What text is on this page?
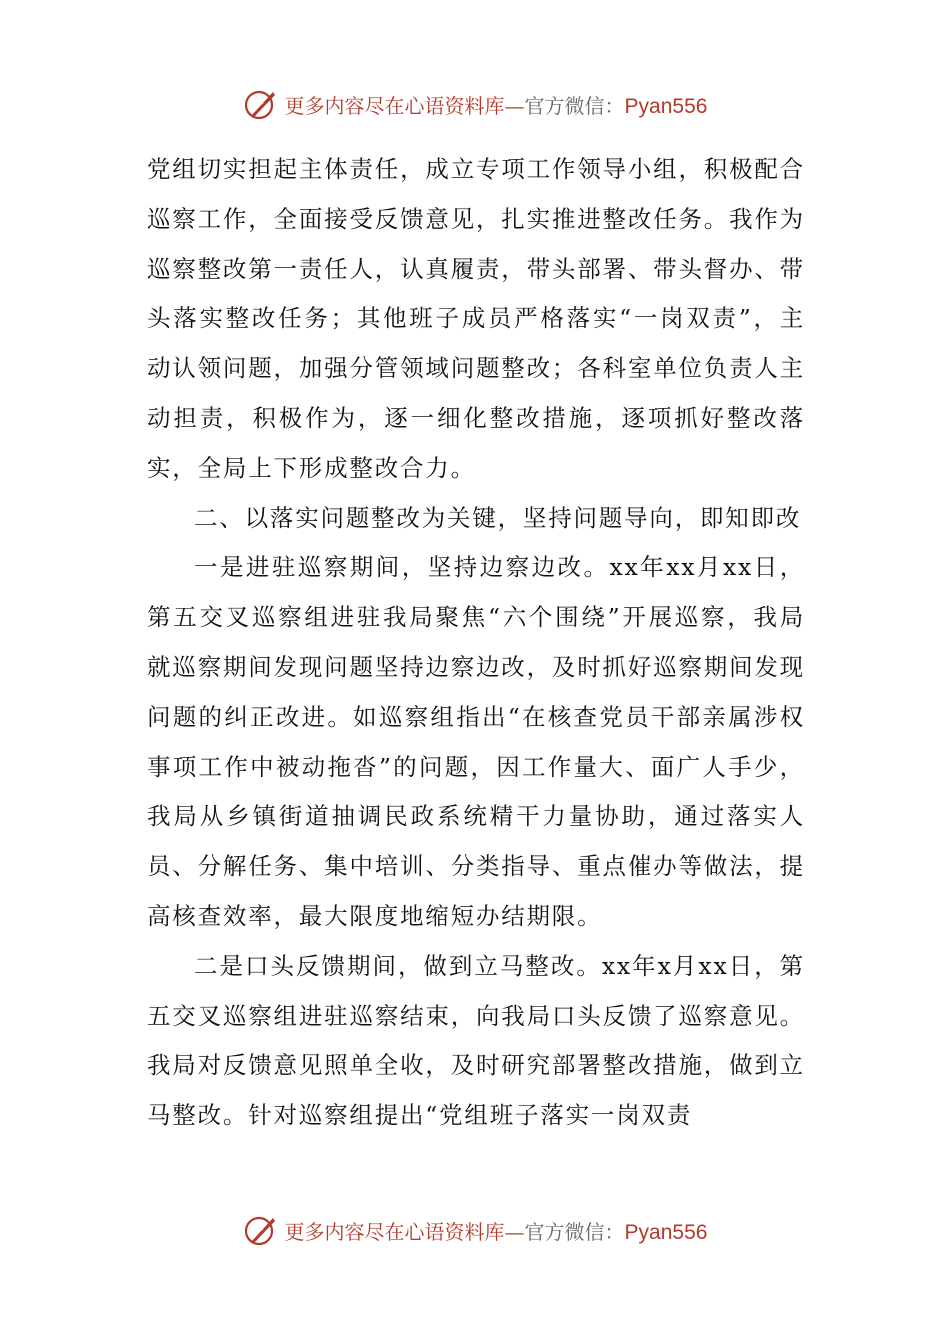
更多内容尽在心语资料库—官方微信：Pyan556

党组切实担起主体责任，成立专项工作领导小组，积极配合巡察工作，全面接受反馈意见，扎实推进整改任务。我作为巡察整改第一责任人，认真履责，带头部署、带头督办、带头落实整改任务；其他班子成员严格落实“一岗双责”，主动认领问题，加强分管领域问题整改；各科室单位负责人主动担责，积极作为，逐一细化整改措施，逐项抓好整改落实，全局上下形成整改合力。

二、以落实问题整改为关键，坚持问题导向，即知即改

一是进驻巡察期间，坚持边察边改。xx年xx月xx日，第五交叉巡察组进驻我局聚焦“六个围绕”开展巡察，我局就巡察期间发现问题坚持边察边改，及时抓好巡察期间发现问题的纠正改进。如巡察组指出“在核查党员干部亲属涉权事项工作中被动拖沓”的问题，因工作量大、面广人手少，我局从乡镇街道抽调民政系统精干力量协助，通过落实人员、分解任务、集中培训、分类指导、重点催办等做法，提高核查效率，最大限度地缩短办结期限。

二是口头反馈期间，做到立马整改。xx年x月xx日，第五交叉巡察组进驻巡察结束，向我局口头反馈了巡察意见。我局对反馈意见照单全收，及时研究部署整改措施，做到立马整改。针对巡察组提出“党组班子落实一岗双责

更多内容尽在心语资料库—官方微信：Pyan556
